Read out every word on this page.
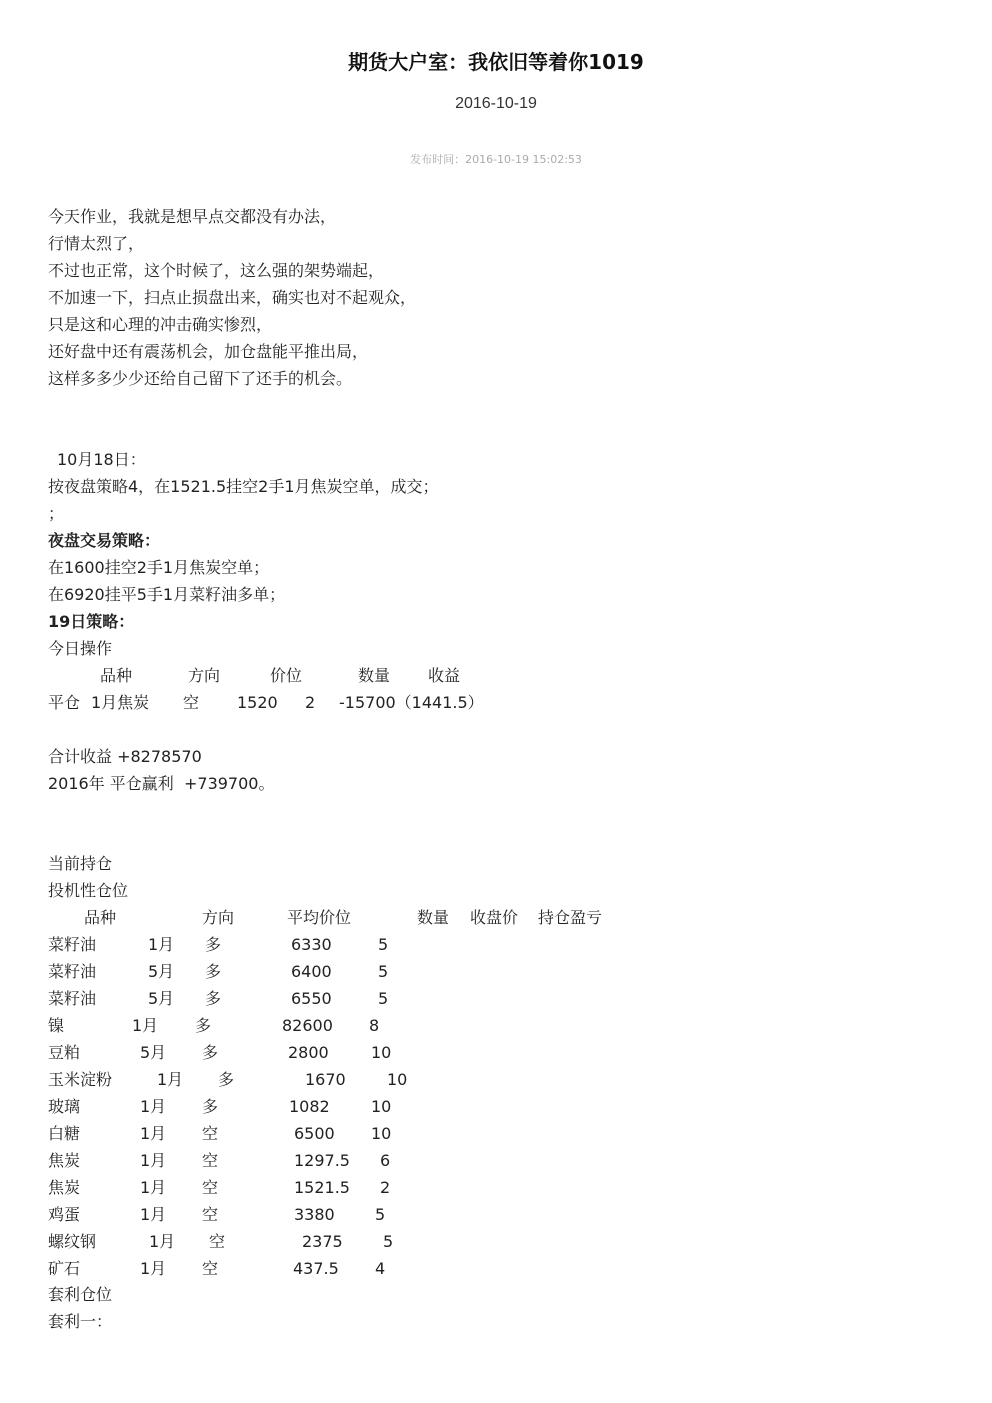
期货大户室：我依旧等着你1019
2016-10-19
发布时间：2016-10-19 15:02:53
今天作业，我就是想早点交都没有办法，
行情太烈了，
不过也正常，这个时候了，这么强的架势端起，
不加速一下，扫点止损盘出来，确实也对不起观众，
只是这和心理的冲击确实惨烈，
还好盘中还有震荡机会，加仓盘能平推出局，
这样多多少少还给自己留下了还手的机会。
10月18日：
按夜盘策略4，在1521.5挂空2手1月焦炭空单，成交；
；
夜盘交易策略：
在1600挂空2手1月焦炭空单；
在6920挂平5手1月菜籽油多单；
19日策略：
今日操作
品种	方向	价位	数量 收益
平仓 1月焦炭 空 1520 2 -15700（1441.5）
合计收益 +8278570
2016年 平仓赢利  +739700。
当前持仓
投机性仓位
品种	方向	平均价位	数量 收盘价 持仓盈亏
菜籽油	1月 多	6330	5
菜籽油	5月 多	6400	5
菜籽油	5月 多	6550	5
镍	1月 多	82600 8
豆粕	5月 多	2800	10
玉米淀粉	1月 多	1670	10
玻璃	1月 多	1082	10
白糖	1月 空	6500 10
焦炭	1月 空	1297.5 6
焦炭	1月 空	1521.5 2
鸡蛋	1月 空	3380	5
螺纹钢	1月 空	2375	5
矿石	1月 空	437.5 4
套利仓位
套利一：
